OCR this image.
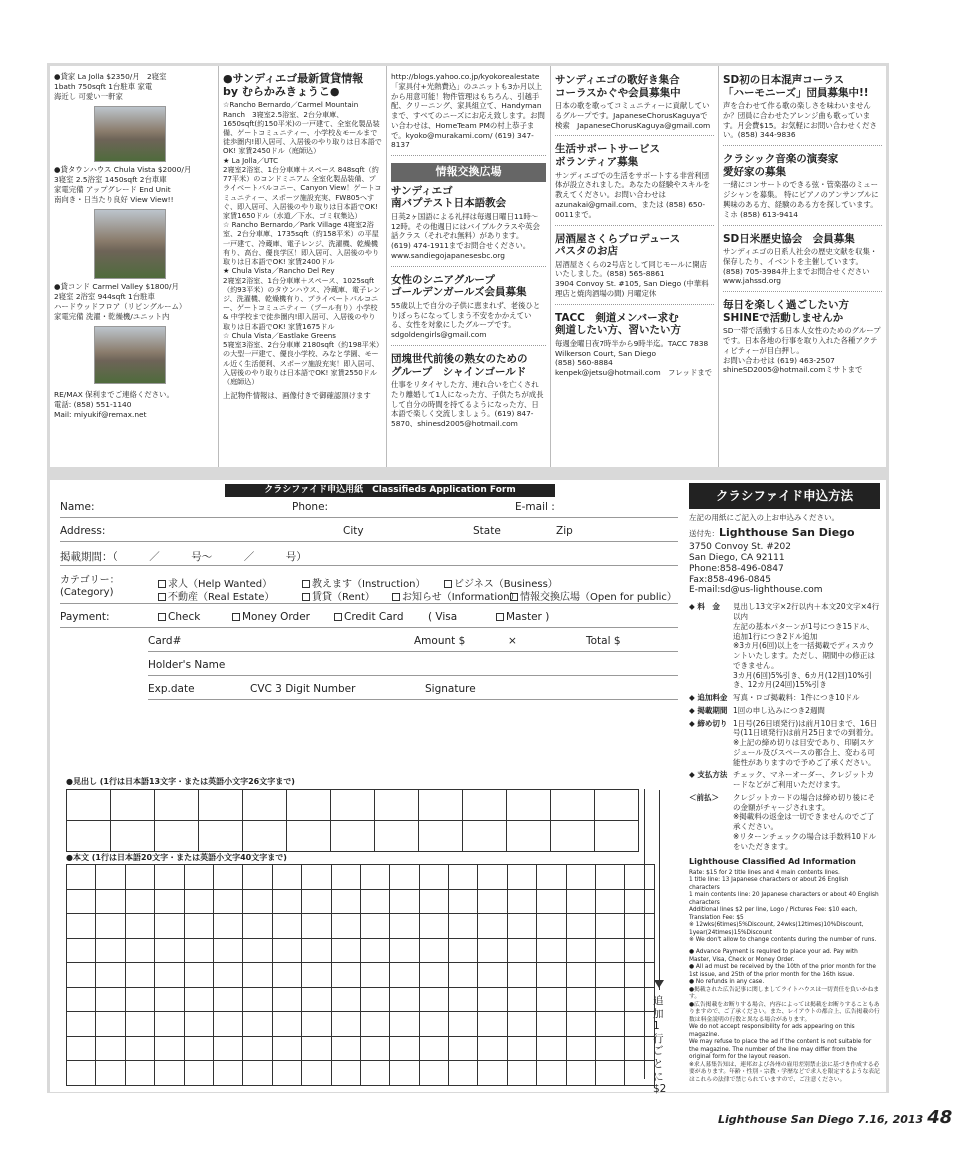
●貸家 La Jolla $2350/月　2寝室
1bath 750sqft 1台駐車 家電
海近し 可愛い一軒家
●貸タウンハウス Chula Vista $2000/月
3寝室 2.5浴室 1450sqft 2台車庫
家電完備 アップグレード End Unit
南向き・日当たり良好 View View!!
●貸コンド Carmel Valley $1800/月
2寝室 2浴室 944sqft 1台駐車
ハードウッドフロア（リビングルーム）
家電完備 洗濯・乾燥機/ユニット内
RE/MAX 保利までご連絡ください。
電話: (858) 551-1140
Mail: miyukif@remax.net
●サンディエゴ最新賃貸情報
by むらかみきょうこ●
☆Rancho Bernardo／Carmel Mountain Ranch　3寝室2.5浴室、2台分車庫、1650sqft(約150平米)の一戸建て、全室化製品装備、ゲートコミュニティー、小学校＆モールまで徒歩圏内!即入居可、入居後のやり取りは日本語でOK! 家賃2450ドル（庭師込）
★ La Jolla／UTC
2寝室2浴室、1台分車庫＋スペース 848sqft（約77平米）のコンドミニアム 全室化製品装備、プライベートバルコニー、Canyon View！ゲートコミュニティー、スポーツ施設充実、FW805へすぐ、即入居可、入居後のやり取りは日本語でOK! 家賃1650ドル（水道／下水、ゴミ収集込）
☆ Rancho Bernardo／Park Village 4寝室2浴室、2台分車庫、1735sqft（約158平米）の平屋一戸建て、冷蔵庫、電子レンジ、洗濯機、乾燥機有り、高台、優良学区！即入居可、入居後のやり取りは日本語でOK! 家賃2400ドル
★ Chula Vista／Rancho Del Rey
2寝室2浴室、1台分車庫＋スペース、1025sqft（約93平米）のタウンハウス、冷蔵庫、電子レンジ、洗濯機、乾燥機有り、プライベートバルコニー、ゲートコミュニティー（プール有り）小学校 & 中学校まで徒歩圏内!即入居可、入居後のやり取りは日本語でOK! 家賃1675ドル
☆ Chula Vista／Eastlake Greens
5寝室3浴室、2台分車庫 2180sqft（約198平米）の大型一戸建て、優良小学校、みなと学園、モール近く生活便利、スポーツ施設充実！即入居可、入居後のやり取りは日本語でOK! 家賃2550ドル（庭師込）
上記物件情報は、画像付きで御確認頂けます
http://blogs.yahoo.co.jp/kyokorealestate
「家具付+光熱費込」のユニットも3か月以上から用意可能！物件管理はもちろん、引越手配、クリーニング、家具組立て、Handymanまで、すべてのニーズにお応え致します。お問い合わせは、HomeTeam PMの村上恭子まで。kyoko@murakami.com/ (619) 347-8137
情報交換広場
サンディエゴ
南バプテスト日本語教会
日英2ヶ国語による礼拝は毎週日曜日11時〜12時。その他週日にはバイブルクラスや英会話クラス（それぞれ無料）があります。
(619) 474-1911までお問合せください。
www.sandiegojapanesesbc.org
女性のシニアグループ
ゴールデンガールズ会員募集
55歳以上で自分の子供に恵まれず、老後ひとりぼっちになってしまう不安をかかえている、女性を対象にしたグループです。
sdgoldengirls@gmail.com
団塊世代前後の熟女のための
グループ　シャインゴールド
仕事をリタイヤした方、連れ合いを亡くされたり離婚して1人になった方、子供たちが成長して自分の時間を持てるようになった方、日本語で楽しく交流しましょう。(619) 847-5870、shinesd2005@hotmail.com
サンディエゴの歌好き集合
コーラスかぐや会員募集中
日本の歌を歌ってコミュニティーに貢献しているグループです。JapaneseChorusKaguyaで検索　JapaneseChorusKaguya@gmail.com
生活サポートサービス
ボランティア募集
サンディエゴでの生活をサポートする非営利団体が設立されました。あなたの経験やスキルを教えてください。お問い合わせはazunakai@gmail.com、または (858) 650-0011まで。
居酒屋さくらプロデュース
パスタのお店
居酒屋さくらの2号店として同じモールに開店いたしました。(858) 565-8861
3904 Convoy St. #105, San Diego (中華料理店と焼肉酒場の間) 月曜定休
TACC　剣道メンバー求む
剣道したい方、習いたい方
毎週金曜日夜7時半から9時半迄。TACC 7838 Wilkerson Court, San Diego
(858) 560-8884
kenpek@jetsu@hotmail.com　フレッドまで
SD初の日本混声コーラス
「ハーモニーズ」団員募集中!!
声を合わせて作る歌の楽しさを味わいませんか？団員に合わせたアレンジ曲も歌っています。月会費$15。お気軽にお問い合わせください。(858) 344-9836
クラシック音楽の演奏家
愛好家の募集
一緒にコンサートのできる弦・管楽器のミュージシャンを募集。 特にピアノのアンサンブルに興味のある方、経験のある方を探しています。ミホ (858) 613-9414
SD日米歴史協会　会員募集
サンディエゴの日系人社会の歴史文献を収集・保存したり、イベントを主催しています。(858) 705-3984井上までお問合せください www.jahssd.org
毎日を楽しく過ごしたい方
SHINEで活動しませんか
SD一帯で活動する日本人女性のためのグループです。日本各地の行事を取り入れた各種アクティビティーが目白押し。
お問い合わせは (619) 463-2507 shineSD2005@hotmail.comミサトまで
クラシファイド申込用紙　Classifieds Application Form
Name:	Phone:	E-mail :
Address:	City	State	Zip
掲載期間：（　　　／　　　号〜　　　／　　　号）
カテゴリー：
(Category)
求人（Help Wanted）	教えます（Instruction）	ビジネス（Business）
不動産（Real Estate）	賃貸（Rent）	お知らせ（Information） 情報交換広場（Open for public）
Payment:	Check	Money Order	Credit Card ( Visa	Master )
Card#	Amount $	×	Total $
Holder's Name
Exp.date	CVC 3 Digit Number	Signature
●見出し (1行は日本語13文字・または英語小文字26文字まで)

●本文 (1行は日本語20文字・または英語小文字40文字まで)

追加1行ごとに$2
クラシファイド申込方法
左記の用紙にご記入の上お申込みください。
送付先：Lighthouse San Diego
3750 Convoy St. #202
San Diego, CA 92111
Phone:858-496-0847
Fax:858-496-0845
E-mail:sd@us-lighthouse.com
◆ 料　金	見出し13文字×2行以内＋本文20文字×4行以内
左記の基本パターンが1号につき15ドル、追加1行につき2ドル追加
※3カ月(6回)以上を一括掲載でディスカウントいたします。ただし、期間中の修正はできません。
3カ月(6回)5%引き、6カ月(12回)10%引き、12カ月(24回)15%引き
◆ 追加料金 写真・ロゴ掲載料：1件につき10ドル
◆ 掲載期間 1回の申し込みにつき2週間
◆ 締め切り 1日号(26日頃発行)は前月10日まで、16日号(11日頃発行)は前月25日までの到着分。
※上記の締め切りは目安であり、印刷スケジュール及びスペースの都合上、変わる可能性がありますので予めご了承ください。
◆ 支払方法 チェック、マネーオーダー、クレジットカードなどがご利用いただけます。
＜前払＞	クレジットカードの場合は締め切り後にその金額がチャージされます。
※掲載料の返金は一切できませんのでご了承ください。
※リターンチェックの場合は手数料10ドルをいただきます。
Lighthouse Classified Ad Information
Rate: $15 for 2 title lines and 4 main contents lines.
1 title line: 13 Japanese characters or about 26 English characters
1 main contents line: 20 Japanese characters or about 40 English characters
Additional lines $2 per line, Logo / Pictures Fee: $10 each, Translation Fee: $5
※ 12wks(6times)5%Discount, 24wks(12times)10%Discount,
1year(24times)15%Discount
※ We don't allow to change contents during the number of runs.
● Advance Payment is required to place your ad. Pay with Master, Visa, Check or Money Order.
● All ad must be received by the 10th of the prior month for the 1st issue, and 25th of the prior month for the 16th issue.
● No refunds in any case.
●掲載された広告記事に関しましてライトハウスは一切責任を負いかねます。
●広告掲載をお断りする場合、内容によっては掲載をお断りすることもありますので、ご了承ください。また、レイアウトの都合上、広告掲載の行数は料金説明の行数と異なる場合があります。
We do not accept responsibility for ads appearing on this magazine.
We may refuse to place the ad if the content is not suitable for the magazine. The number of the line may differ from the original form for the layout reason.
※求人募集告知は、連邦および各州の雇用差別禁止法に基づき作成する必要があります。年齢・性別・宗教・学歴などで求人を限定するような表記はこれらの法律で禁じられていますので、ご注意ください。
Lighthouse San Diego 7.16, 2013 48
